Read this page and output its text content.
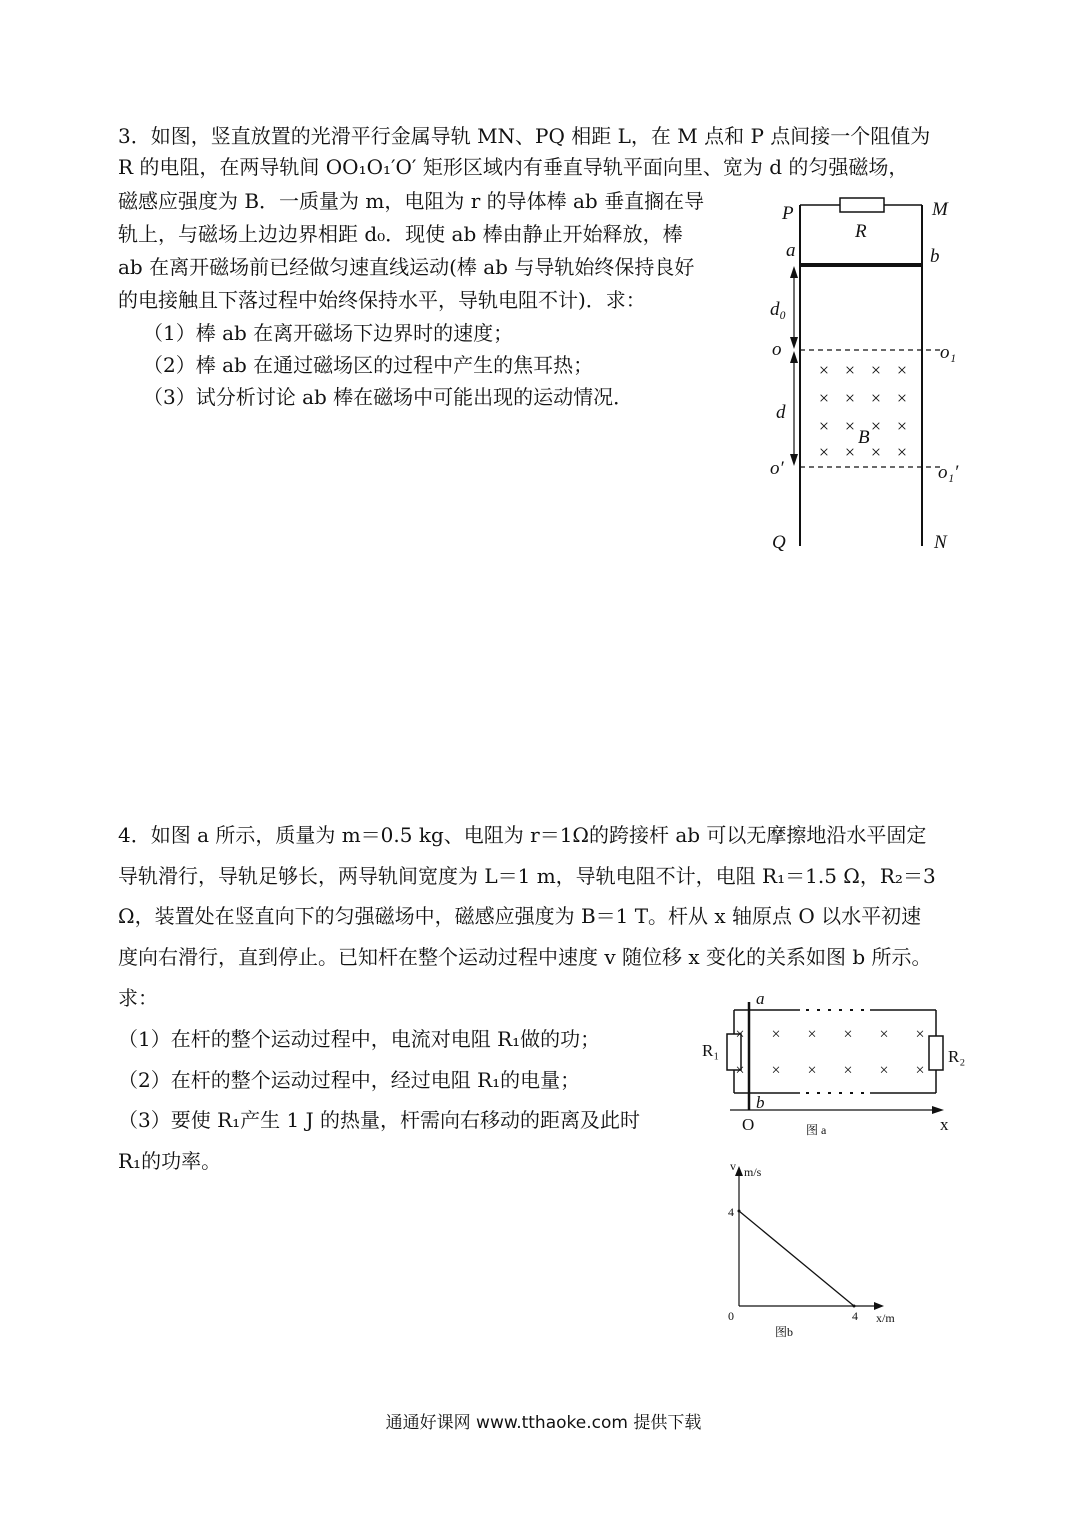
3．如图，竖直放置的光滑平行金属导轨 MN、PQ 相距 L，在 M 点和 P 点间接一个阻值为
R 的电阻，在两导轨间 OO₁O₁′O′ 矩形区域内有垂直导轨平面向里、宽为 d 的匀强磁场，
磁感应强度为 B．一质量为 m，电阻为 r 的导体棒 ab 垂直搁在导
轨上，与磁场上边边界相距 d₀．现使 ab 棒由静止开始释放，棒
ab 在离开磁场前已经做匀速直线运动(棒 ab 与导轨始终保持良好
的电接触且下落过程中始终保持水平，导轨电阻不计)．求：
（1）棒 ab 在离开磁场下边界时的速度；
（2）棒 ab 在通过磁场区的过程中产生的焦耳热；
（3）试分析讨论 ab 棒在磁场中可能出现的运动情况．
× × × ×
× × × ×
× × × ×
× × × ×
P	M
R
a	b
d₀
o	o₁
d
B
o′	o₁′
Q	N
4．如图 a 所示，质量为 m＝0.5 kg、电阻为 r＝1Ω的跨接杆 ab 可以无摩擦地沿水平固定
导轨滑行，导轨足够长，两导轨间宽度为 L＝1 m，导轨电阻不计，电阻 R₁＝1.5 Ω，R₂＝3
Ω，装置处在竖直向下的匀强磁场中，磁感应强度为 B＝1 T。杆从 x 轴原点 O 以水平初速
度向右滑行，直到停止。已知杆在整个运动过程中速度 v 随位移 x 变化的关系如图 b 所示。
求：
（1）在杆的整个运动过程中，电流对电阻 R₁做的功；
（2）在杆的整个运动过程中，经过电阻 R₁的电量；
（3）要使 R₁产生 1 J 的热量，杆需向右移动的距离及此时
R₁的功率。
× × × × × ×
× × × × × ×
a
b
R₁	R₂
O	x
图 a
v m/s
x/m
0
4
4
图b
通通好课网 www.tthaoke.com 提供下载
